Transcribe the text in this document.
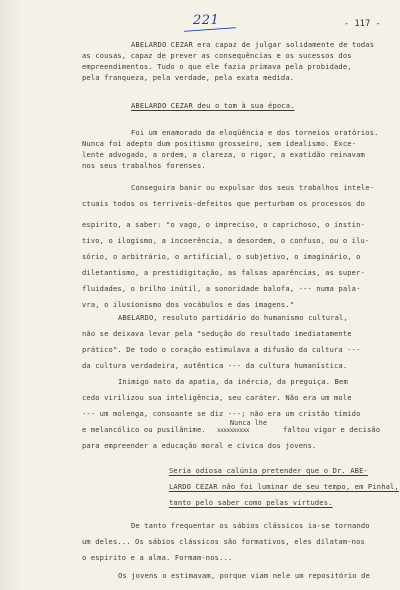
221	- 117 -
ABELARDO CEZAR era capaz de julgar solidamente de todas
as cousas, capaz de prever as consequências e os sucessos dos
empreendimentos. Tudo o que ele fazia primava pela probidade,
pela franqueza, pela verdade, pela exata medida.
ABELARDO CEZAR deu o tom à sua época.
Foi um enamorado da eloqüência e dos torneios oratórios.
Nunca foi adepto dum positismo grosseiro, sem idealismo. Exce-
lente advogado, a ordem, a clareza, o rigor, a exatidão reinavam
nos seus trabalhos forenses.
Conseguira banir ou expulsar dos seus trabalhos intele-
ctuais todos os terriveis-defeitos que perturbam os processos do
espirito, a saber: "o vago, o impreciso, o caprichoso, o instin-
tivo, o ilogismo, a incoerência, a desordem, o confuso, ou o ilu-
sório, o arbitrário, o artificial, o subjetivo, o imaginário, o
diletantismo, a prestidigitação, as falsas aparências, as super-
fluidades, o brilho inútil, a sonoridade balofa, --- numa pala-
vra, o ilusionismo dos vocábulos e das imagens."
ABELARDO, resoluto partidário do humanismo cultural,
não se deixava levar pela "sedução do resultado imediatamente
prático". De todo o coração estimulava a difusão da cultura ---
da cultura verdadeira, autêntica --- da cultura humanística.
Inimigo nato da apatia, da inércia, da preguiça. Bem
cedo virilizou sua inteligência, seu caráter. Não era um mole
--- um molenga, consoante se diz ---; não era um cristão tímido
e melancólico ou pusilânime.
Nunca lhe
xxxxxxxxxx	faltou vigor e decisão
para empreender a educação moral e cívica dos jovens.
Seria odiosa calúnia pretender que o Dr. ABE-
LARDO CEZAR não foi luminar de seu tempo, em Pinhal,
tanto pelo saber como pelas virtudes.
De tanto frequentar os sábios clássicos ia-se tornando
um deles... Os sábios clássicos são formativos, eles dilatam-nos
o espirito e a alma. Formam-nos...
Os jovens o estimavam, porque viam nele um repositório de
